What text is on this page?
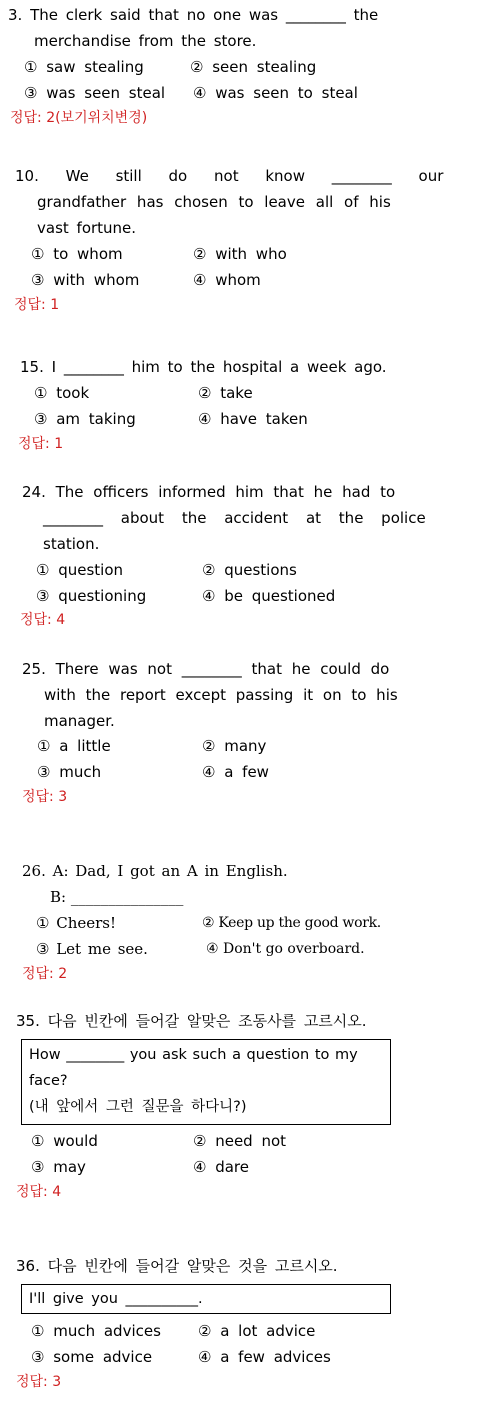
3. The clerk said that no one was ________ the
merchandise from the store.
① saw stealing	② seen stealing
③ was seen steal ④ was seen to steal
정답: 2(보기위치변경)
10. We still do not know ________ our
grandfather has chosen to leave all of his
vast fortune.
① to whom	② with who
③ with whom	④ whom
정답: 1
15. I ________ him to the hospital a week ago.
① took	② take
③ am taking	④ have taken
정답: 1
24. The officers informed him that he had to
________ about the accident at the police
station.
① question	② questions
③ questioning	④ be questioned
정답: 4
25. There was not ________ that he could do
with the report except passing it on to his
manager.
① a little	② many
③ much	④ a few
정답: 3
26. A: Dad, I got an A in English.
B: _______________
① Cheers!	② Keep up the good work.
③ Let me see.	④ Don't go overboard.
정답: 2
35. 다음 빈칸에 들어갈 알맞은 조동사를 고르시오.
How ________ you ask such a question to my
face?
(내 앞에서 그런 질문을 하다니?)
① would	② need not
③ may	④ dare
정답: 4
36. 다음 빈칸에 들어갈 알맞은 것을 고르시오.
I'll give you __________.
① much advices ② a lot advice
③ some advice	④ a few advices
정답: 3
